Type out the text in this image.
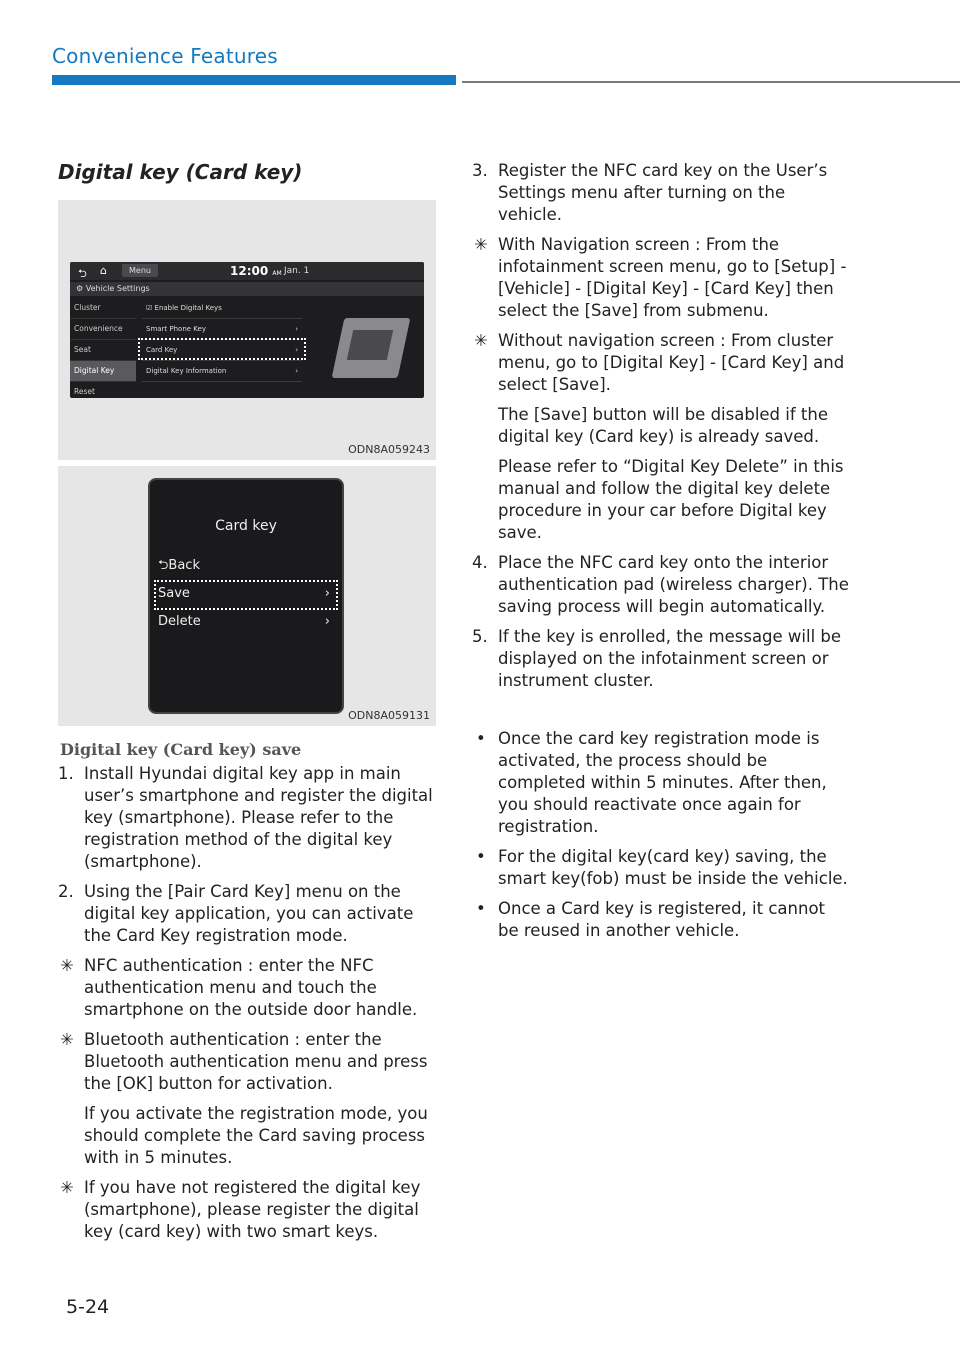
Convenience Features
Digital key (Card key)
⮌ ⌂	Menu	12:00 AM Jan. 1
⚙ Vehicle Settings
Cluster
Convenience
Seat
Digital Key
Reset
☑ Enable Digital Keys
Smart Phone Key	›
Card Key	›
Digital Key Information	›
ODN8A059243
Card key
⮌Back
Save	›
Delete	›
ODN8A059131
Digital key (Card key) save
1. Install Hyundai digital key app in main user’s smartphone and register the digital key (smartphone). Please refer to the registration method of the digital key (smartphone).
2. Using the [Pair Card Key] menu on the digital key application, you can activate the Card Key registration mode.
✳ NFC authentication : enter the NFC authentication menu and touch the smartphone on the outside door handle.
✳ Bluetooth authentication : enter the Bluetooth authentication menu and press the [OK] button for activation.
If you activate the registration mode, you should complete the Card saving process with in 5 minutes.
✳ If you have not registered the digital key (smartphone), please register the digital key (card key) with two smart keys.
3. Register the NFC card key on the User’s Settings menu after turning on the vehicle.
✳ With Navigation screen : From the infotainment screen menu, go to [Setup] - [Vehicle] - [Digital Key] - [Card Key] then select the [Save] from submenu.
✳ Without navigation screen : From cluster menu, go to [Digital Key] - [Card Key] and select [Save].
The [Save] button will be disabled if the digital key (Card key) is already saved.
Please refer to “Digital Key Delete” in this manual and follow the digital key delete procedure in your car before Digital key save.
4. Place the NFC card key onto the interior authentication pad (wireless charger). The saving process will begin automatically.
5. If the key is enrolled, the message will be displayed on the infotainment screen or instrument cluster.
• Once the card key registration mode is activated, the process should be completed within 5 minutes. After then, you should reactivate once again for registration.
• For the digital key(card key) saving, the smart key(fob) must be inside the vehicle.
• Once a Card key is registered, it cannot be reused in another vehicle.
5-24
